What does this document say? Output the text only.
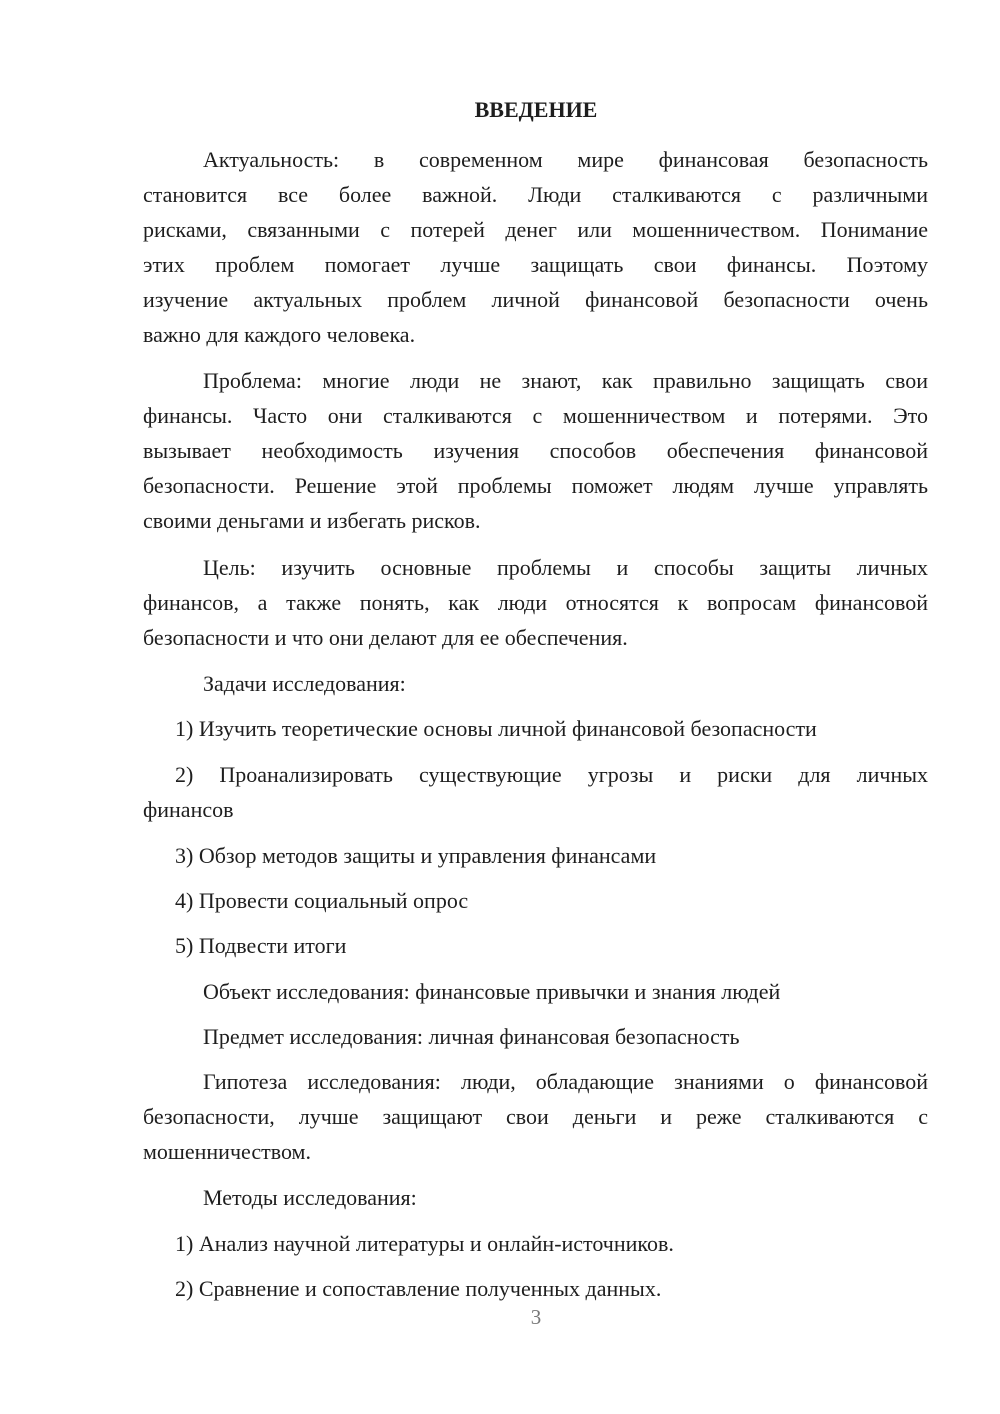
ВВЕДЕНИЕ
Актуальность: в современном мире финансовая безопасность
становится все более важной. Люди сталкиваются с различными
рисками, связанными с потерей денег или мошенничеством. Понимание
этих проблем помогает лучше защищать свои финансы. Поэтому
изучение актуальных проблем личной финансовой безопасности очень
важно для каждого человека.
Проблема: многие люди не знают, как правильно защищать свои
финансы. Часто они сталкиваются с мошенничеством и потерями. Это
вызывает необходимость изучения способов обеспечения финансовой
безопасности. Решение этой проблемы поможет людям лучше управлять
своими деньгами и избегать рисков.
Цель: изучить основные проблемы и способы защиты личных
финансов, а также понять, как люди относятся к вопросам финансовой
безопасности и что они делают для ее обеспечения.
Задачи исследования:
1) Изучить теоретические основы личной финансовой безопасности
2) Проанализировать существующие угрозы и риски для личных
финансов
3) Обзор методов защиты и управления финансами
4) Провести социальный опрос
5) Подвести итоги
Объект исследования: финансовые привычки и знания людей
Предмет исследования: личная финансовая безопасность
Гипотеза исследования: люди, обладающие знаниями о финансовой
безопасности, лучше защищают свои деньги и реже сталкиваются с
мошенничеством.
Методы исследования:
1) Анализ научной литературы и онлайн-источников.
2) Сравнение и сопоставление полученных данных.
3
